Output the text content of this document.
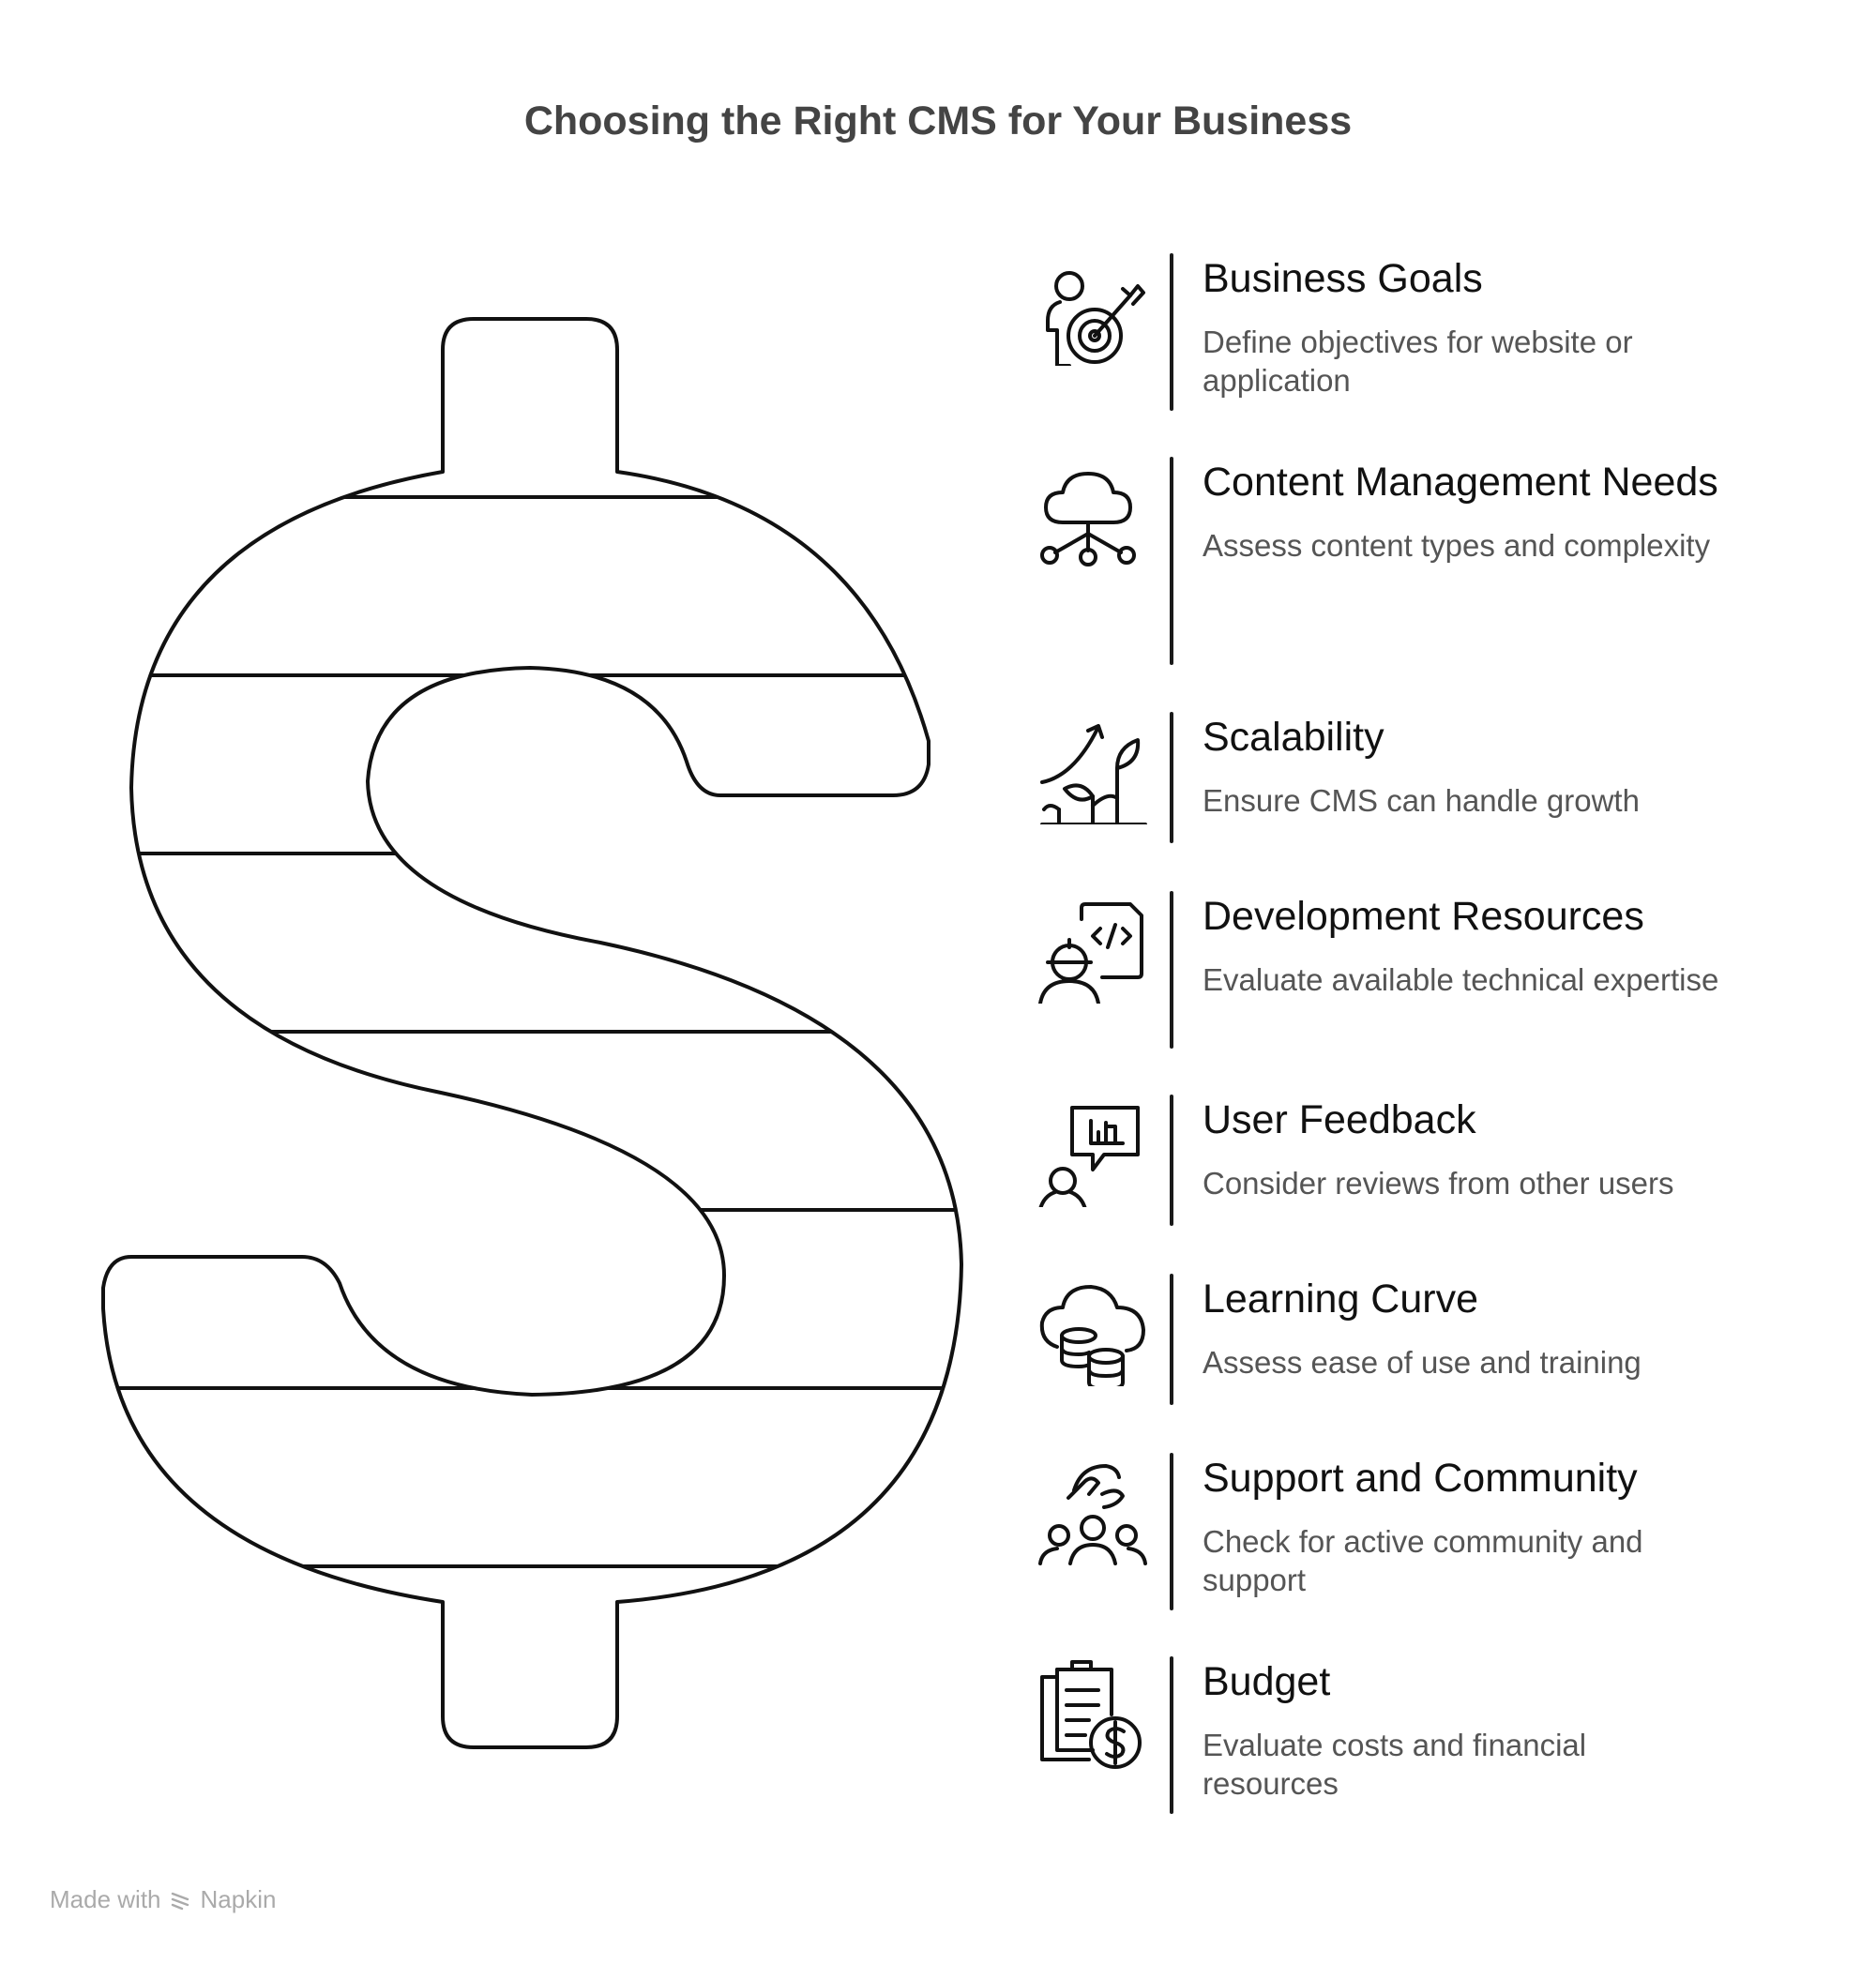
Choosing the Right CMS for Your Business

Business Goals

Define objectives for website or application

Content Management Needs

Assess content types and complexity

Scalability

Ensure CMS can handle growth

Development Resources

Evaluate available technical expertise

User Feedback

Consider reviews from other users

Learning Curve

Assess ease of use and training

Support and Community

Check for active community and support

Budget

Evaluate costs and financial resources

Made with Napkin
